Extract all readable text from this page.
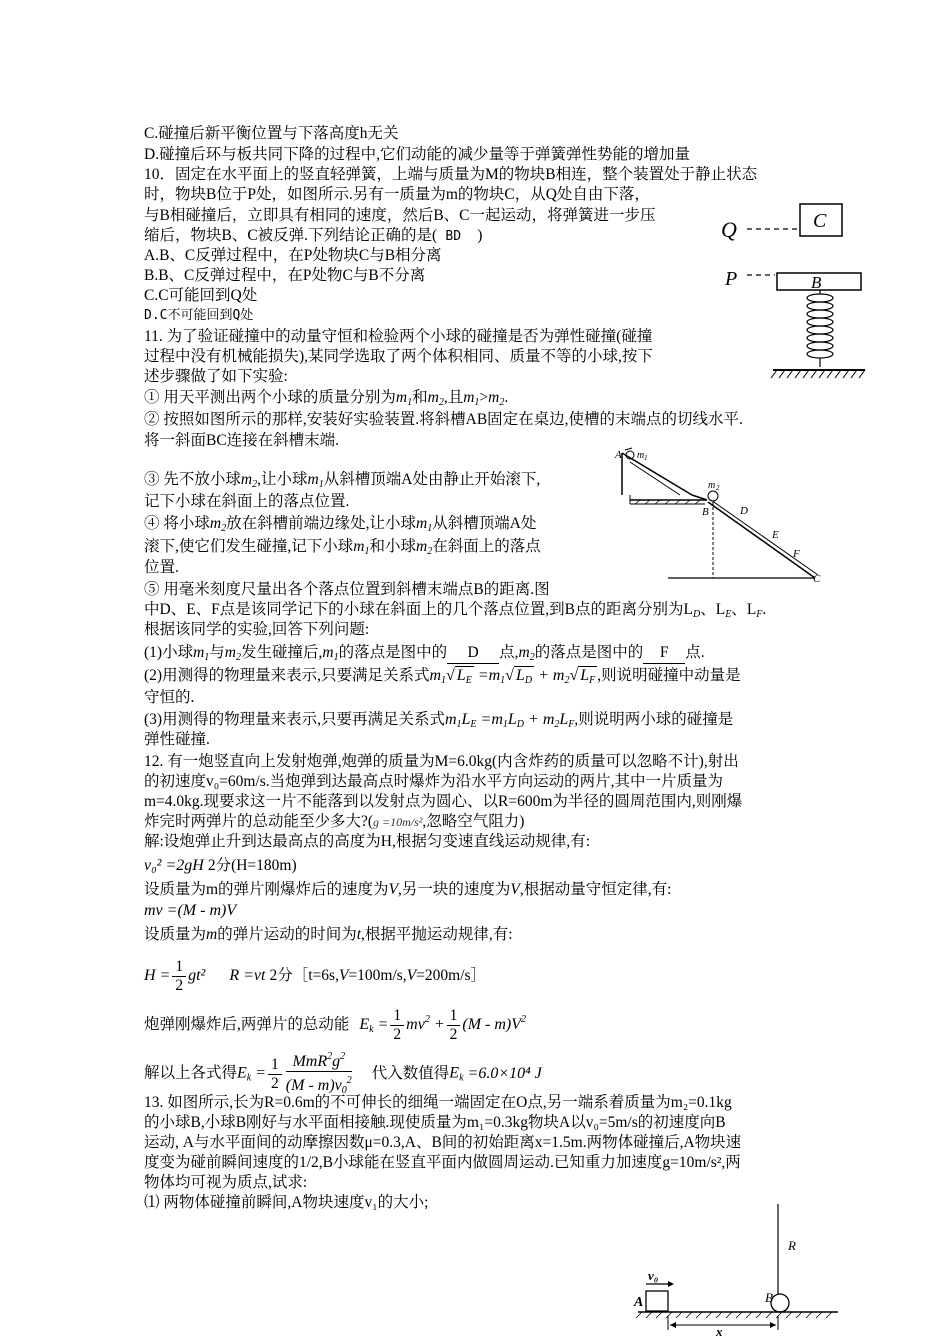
C.碰撞后新平衡位置与下落高度h无关
D.碰撞后环与板共同下降的过程中,它们动能的减少量等于弹簧弹性势能的增加量
10．固定在水平面上的竖直轻弹簧，上端与质量为M的物块B相连，整个装置处于静止状态
时，物块B位于P处，如图所示.另有一质量为m的物块C，从Q处自由下落，
与B相碰撞后，立即具有相同的速度，然后B、C一起运动，将弹簧进一步压
缩后，物块B、C被反弹.下列结论正确的是( BD )
A.B、C反弹过程中，在P处物块C与B相分离
B.B、C反弹过程中，在P处物C与B不分离
C.C可能回到Q处
D.C不可能回到Q处
Q	C
P	B
11. 为了验证碰撞中的动量守恒和检验两个小球的碰撞是否为弹性碰撞(碰撞
过程中没有机械能损失),某同学选取了两个体积相同、质量不等的小球,按下
述步骤做了如下实验:
① 用天平测出两个小球的质量分别为$m_1$和$m_2$,且$m_1>m_2$.
② 按照如图所示的那样,安装好实验装置.将斜槽AB固定在桌边,使槽的末端点的切线水平.
将一斜面BC连接在斜槽末端.
③ 先不放小球$m_2$,让小球$m_1$从斜槽顶端A处由静止开始滚下,
记下小球在斜面上的落点位置.
④ 将小球$m_2$放在斜槽前端边缘处,让小球$m_1$从斜槽顶端A处
滚下,使它们发生碰撞,记下小球$m_1$和小球$m_2$在斜面上的落点
位置.
⑤ 用毫米刻度尺量出各个落点位置到斜槽末端点B的距离.图
中D、E、F点是该同学记下的小球在斜面上的几个落点位置,到B点的距离分别为$L_D$、$L_E$、$L_F$.
根据该同学的实验,回答下列问题:
(1)小球$m_1$与$m_2$发生碰撞后$,m_1$的落点是图中的 D 点$,m_2$的落点是图中的 F 点.
(2)用测得的物理量来表示,只要满足关系式$m_1√$ $L_E =m_1√$ $L_D + m_2√$ $L_F$ ,则说明碰撞中动量是
守恒的.
(3)用测得的物理量来表示,只要再满足关系式$m_1L_E =m_1L_D + m_2L_F$,则说明两小球的碰撞是
弹性碰撞.
A m 1
m 2
B	D
E
F
C
12. 有一炮竖直向上发射炮弹,炮弹的质量为M=6.0kg(内含炸药的质量可以忽略不计),射出
的初速度v₀=60m/s.当炮弹到达最高点时爆炸为沿水平方向运动的两片,其中一片质量为
m=4.0kg.现要求这一片不能落到以发射点为圆心、以R=600m为半径的圆周范围内,则刚爆
炸完时两弹片的总动能至少多大?(g =10m/s²,忽略空气阻力)
解:设炮弹止升到达最高点的高度为H,根据匀变速直线运动规律,有:
v₀² =2gH 2分(H=180m)
设质量为m的弹片刚爆炸后的速度为V,另一块的速度为V,根据动量守恒定律,有:
mv =(M - m)V
设质量为m的弹片运动的时间为t,根据平抛运动规律,有:
$H = \frac{1}{2} gt^2$ R =vt 2分［t=6s,V=100m/s,V=200m/s］
炮弹刚爆炸后,两弹片的总动能 $E_k = \frac{1}{2} mv^2 + \frac{1}{2} (M - m)V^2$
解以上各式得$E_k = \frac{1}{2} \frac{MmR^2g^2}{(M - m)v_0^2}$ 代入数值得$E_k =6.0\times 10^4$ J
13. 如图所示,长为R=0.6m的不可伸长的细绳一端固定在O点,另一端系着质量为m₂=0.1kg
的小球B,小球B刚好与水平面相接触.现使质量为m₁=0.3kg物块A以v₀=5m/s的初速度向B
运动, A与水平面间的动摩擦因数μ=0.3,A、B间的初始距离x=1.5m.两物体碰撞后,A物块速
度变为碰前瞬间速度的1/2,B小球能在竖直平面内做圆周运动.已知重力加速度g=10m/s²,两
物体均可视为质点,试求:
⑴ 两物体碰撞前瞬间,A物块速度v₁的大小;
R
B
v₀
A
x
